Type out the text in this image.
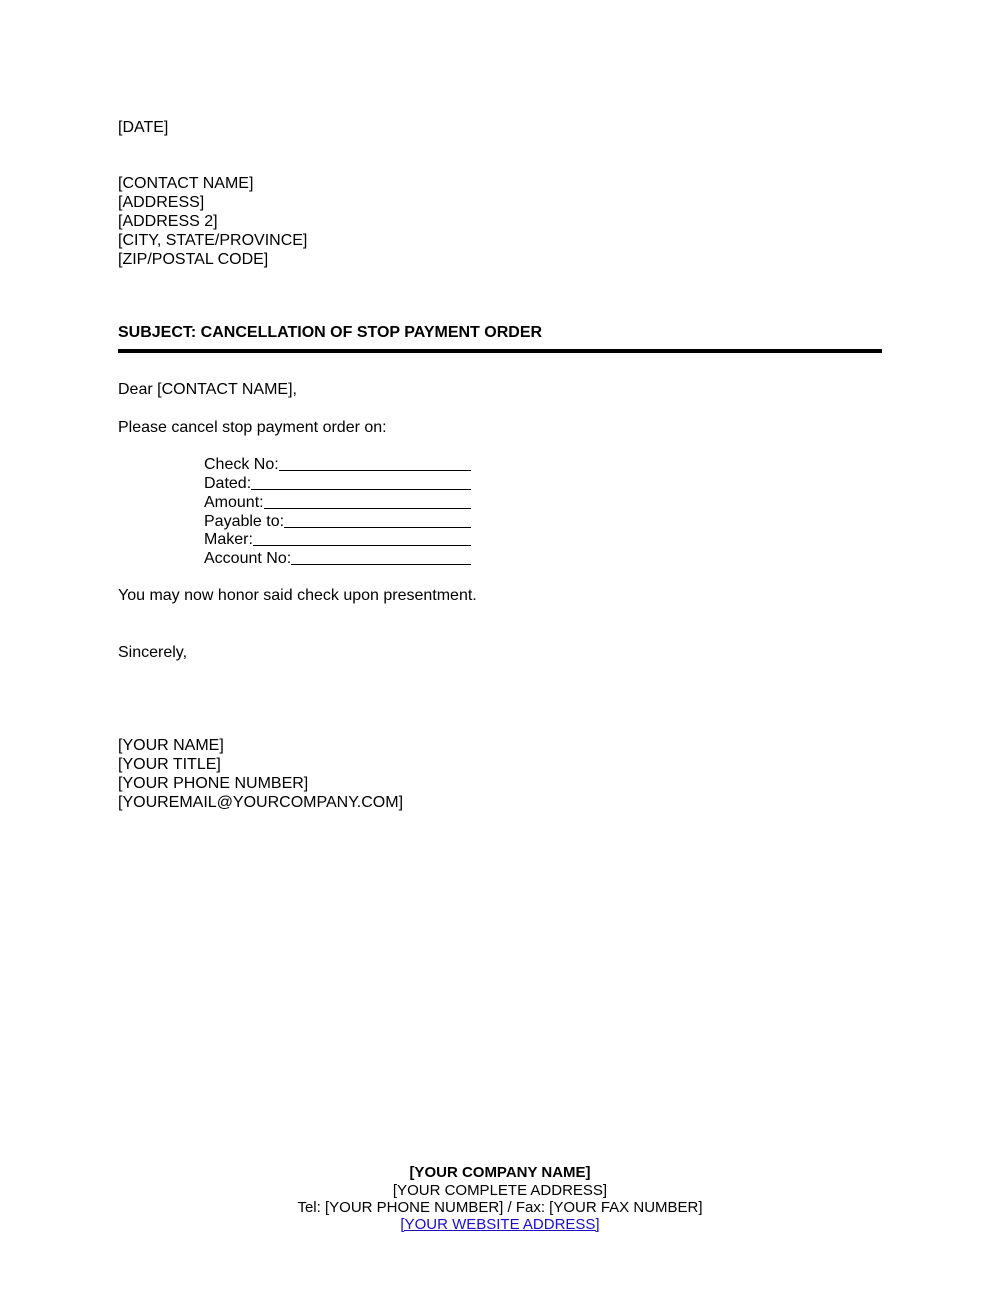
[DATE]
[CONTACT NAME]
[ADDRESS]
[ADDRESS 2]
[CITY, STATE/PROVINCE]
[ZIP/POSTAL CODE]
SUBJECT: CANCELLATION OF STOP PAYMENT ORDER
Dear [CONTACT NAME],
Please cancel stop payment order on:
Check No:
Dated:
Amount:
Payable to:
Maker:
Account No:
You may now honor said check upon presentment.
Sincerely,
[YOUR NAME]
[YOUR TITLE]
[YOUR PHONE NUMBER]
[YOUREMAIL@YOURCOMPANY.COM]
[YOUR COMPANY NAME]
[YOUR COMPLETE ADDRESS]
Tel: [YOUR PHONE NUMBER] / Fax: [YOUR FAX NUMBER]
[YOUR WEBSITE ADDRESS]
